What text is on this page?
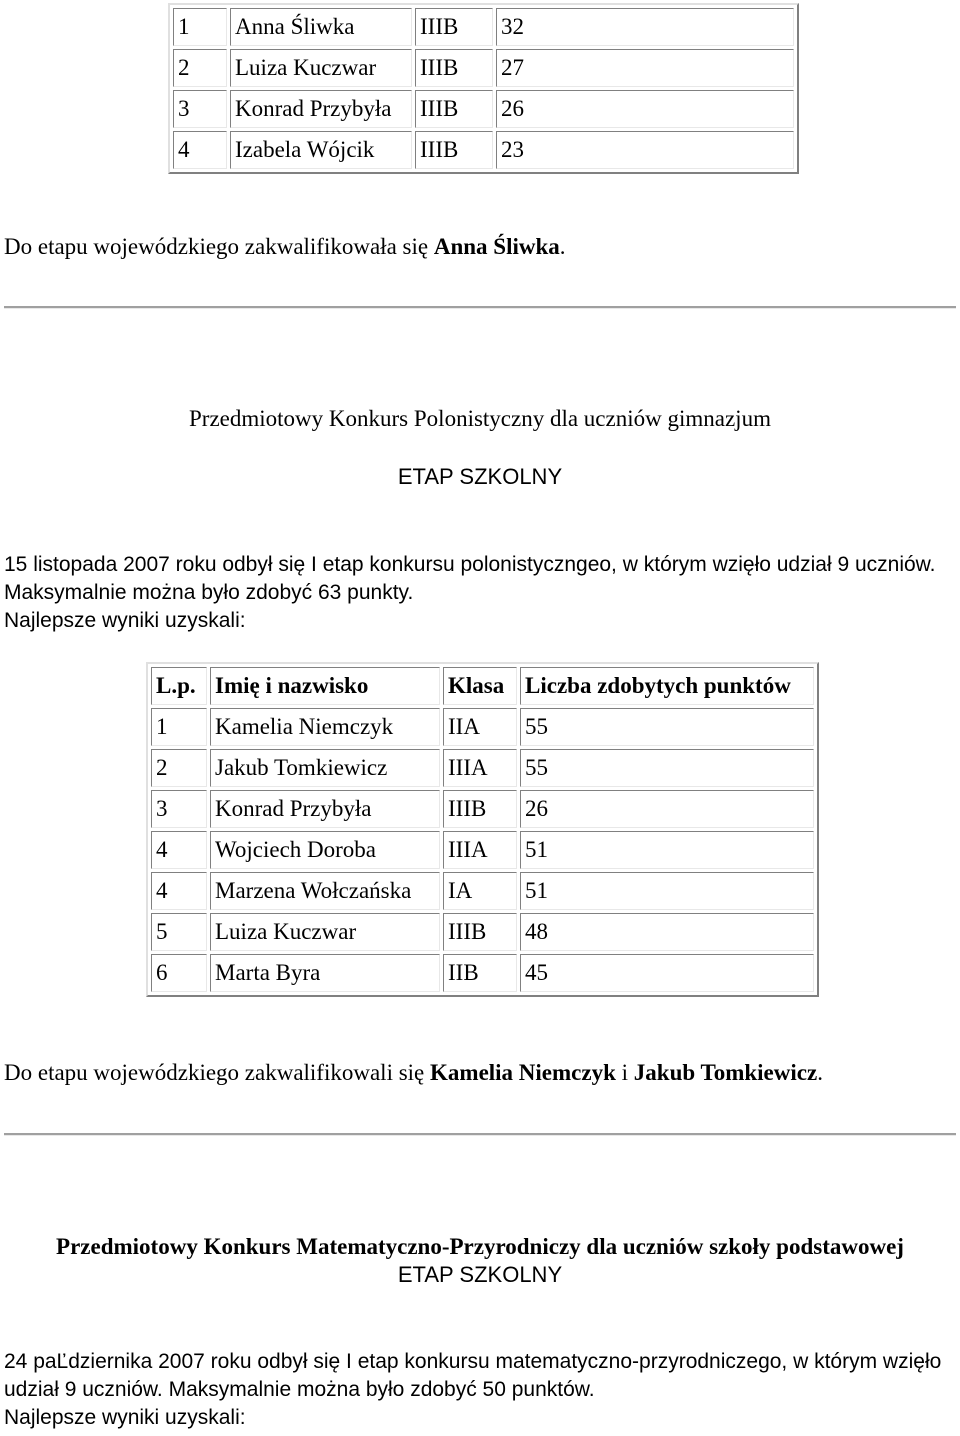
1	Anna Śliwka	IIIB	32
2	Luiza Kuczwar	IIIB	27
3	Konrad Przybyła	IIIB	26
4	Izabela Wójcik	IIIB	23
Do etapu wojewódzkiego zakwalifikowała się Anna Śliwka.
Przedmiotowy Konkurs Polonistyczny dla uczniów gimnazjum
ETAP SZKOLNY
15 listopada 2007 roku odbył się I etap konkursu polonistyczngeo, w którym wzięło udział 9 uczniów. Maksymalnie można było zdobyć 63 punkty.
Najlepsze wyniki uzyskali:
L.p.	Imię i nazwisko	Klasa	Liczba zdobytych punktów
1	Kamelia Niemczyk	IIA	55
2	Jakub Tomkiewicz	IIIA	55
3	Konrad Przybyła	IIIB	26
4	Wojciech Doroba	IIIA	51
4	Marzena Wołczańska	IA	51
5	Luiza Kuczwar	IIIB	48
6	Marta Byra	IIB	45
Do etapu wojewódzkiego zakwalifikowali się Kamelia Niemczyk i Jakub Tomkiewicz.
Przedmiotowy Konkurs Matematyczno-Przyrodniczy dla uczniów szkoły podstawowej
ETAP SZKOLNY
24 paĽdziernika 2007 roku odbył się I etap konkursu matematyczno-przyrodniczego, w którym wzięło udział 9 uczniów. Maksymalnie można było zdobyć 50 punktów.
Najlepsze wyniki uzyskali:
